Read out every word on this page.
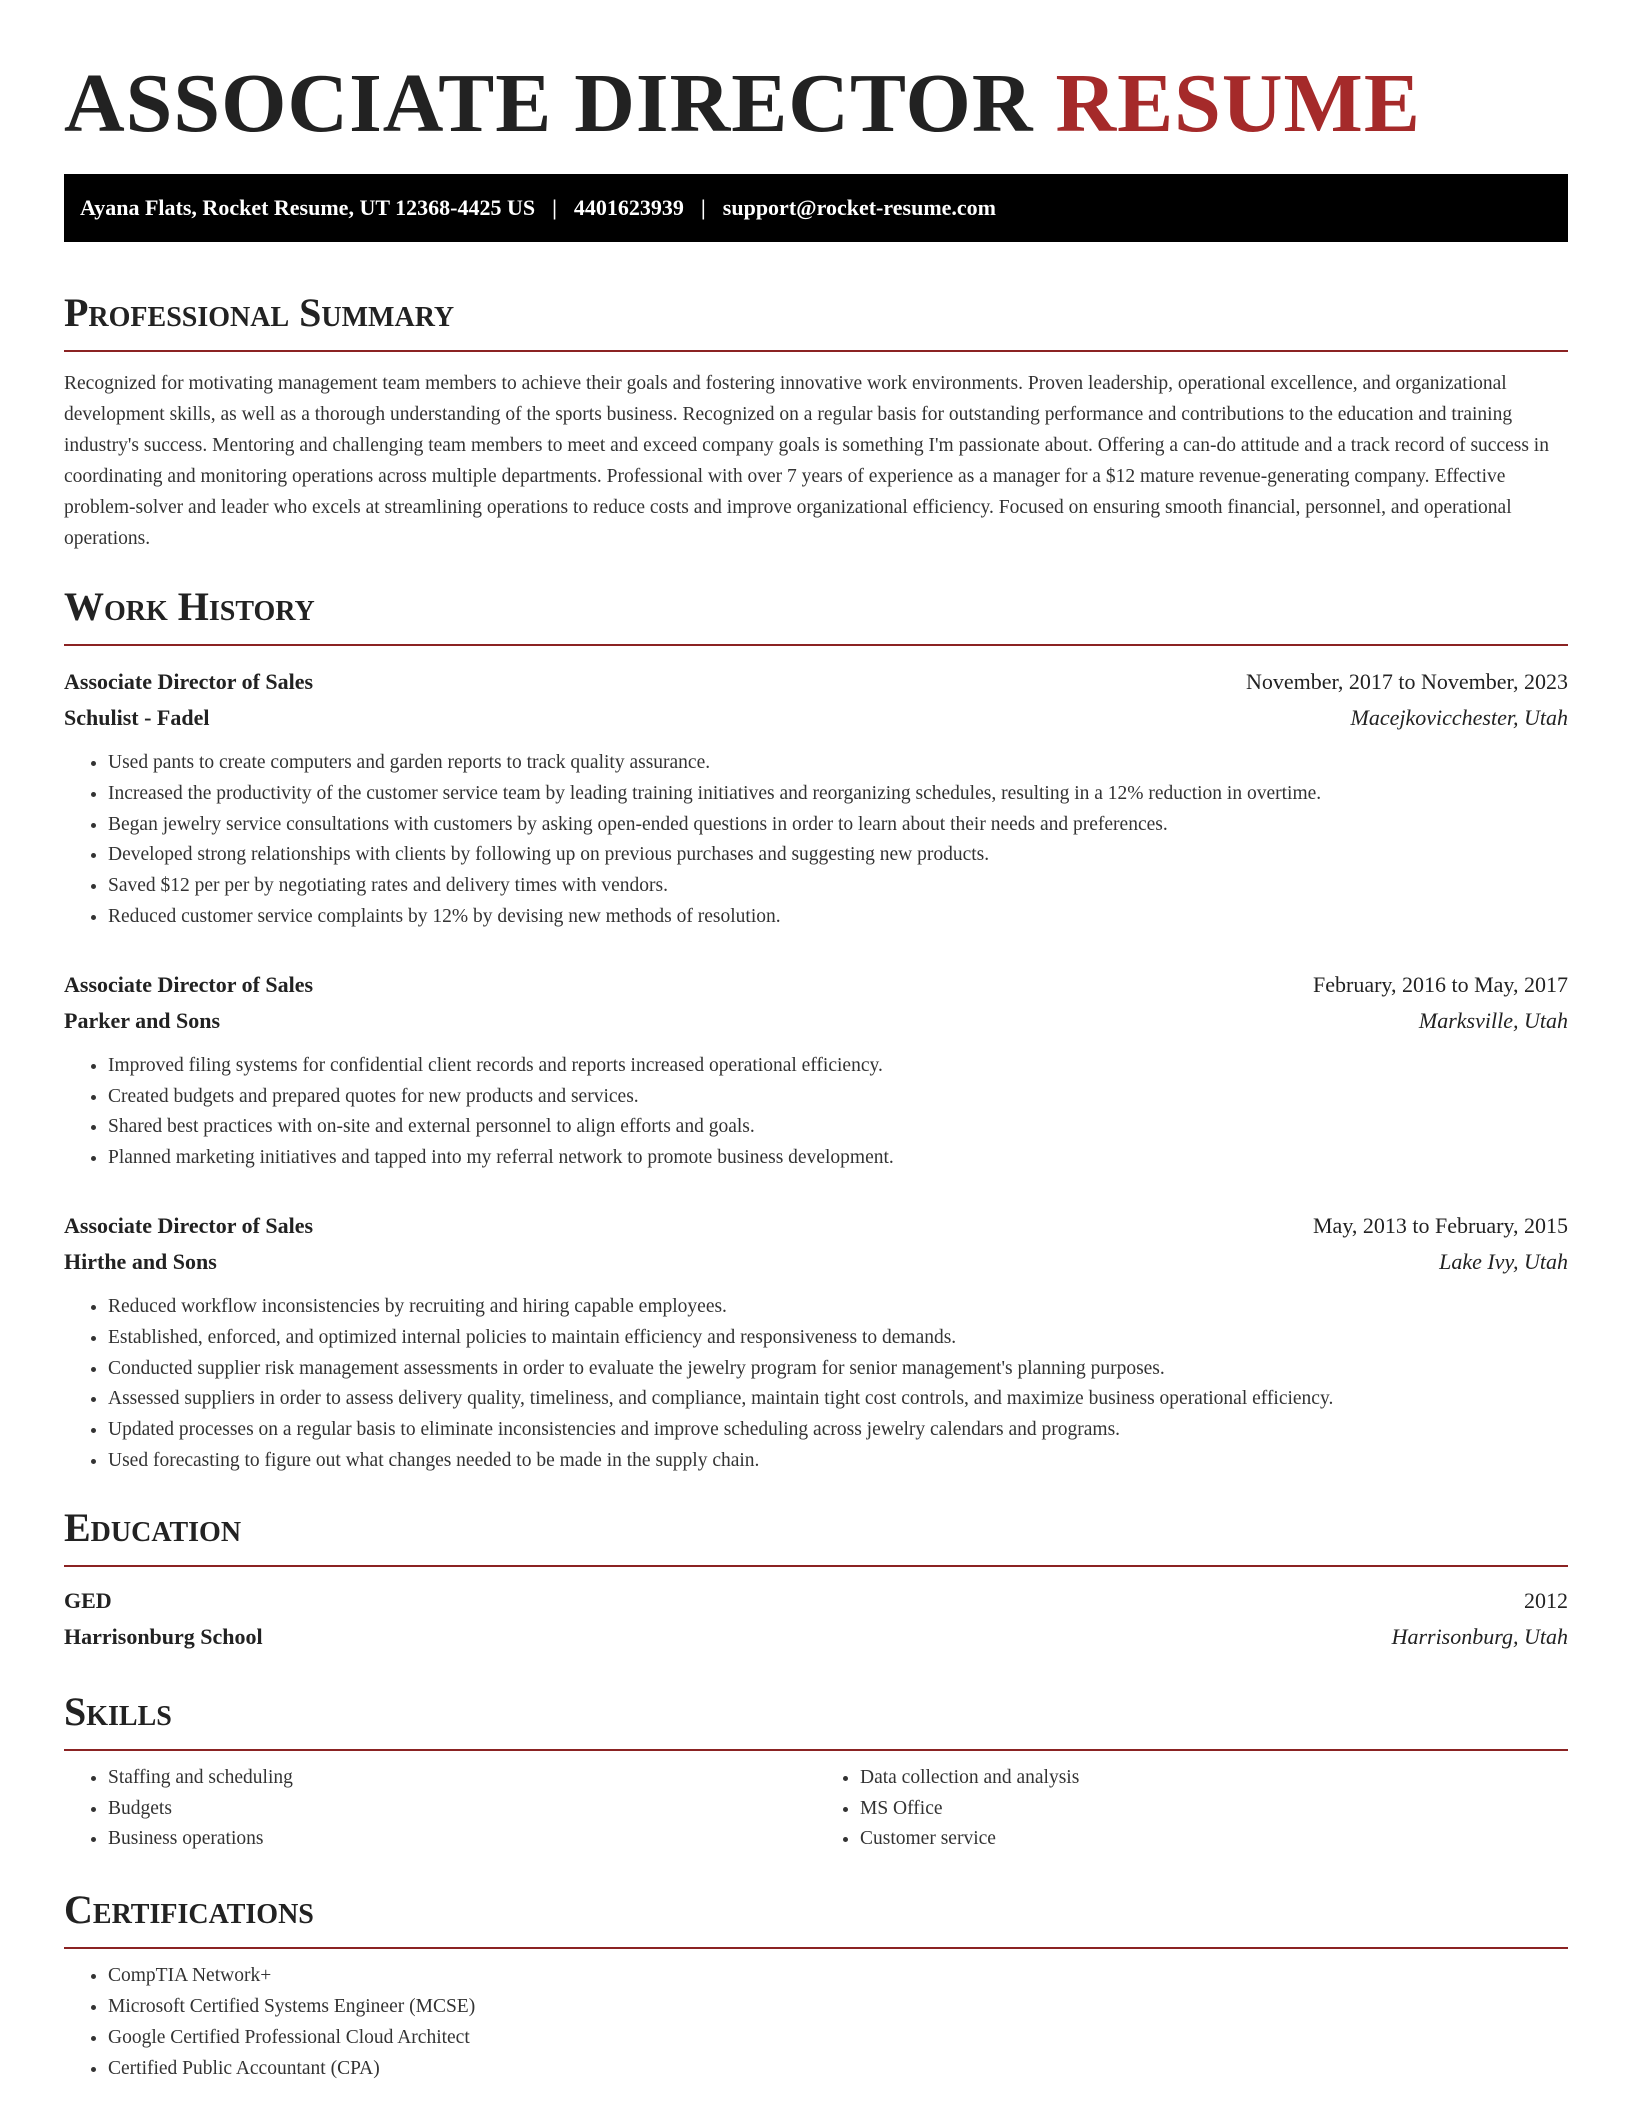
ASSOCIATE DIRECTOR RESUME
Ayana Flats, Rocket Resume, UT 12368-4425 US | 4401623939 | support@rocket-resume.com
Professional Summary

Recognized for motivating management team members to achieve their goals and fostering innovative work environments. Proven leadership, operational excellence, and organizational development skills, as well as a thorough understanding of the sports business. Recognized on a regular basis for outstanding performance and contributions to the education and training industry's success. Mentoring and challenging team members to meet and exceed company goals is something I'm passionate about. Offering a can-do attitude and a track record of success in coordinating and monitoring operations across multiple departments. Professional with over 7 years of experience as a manager for a $12 mature revenue-generating company. Effective problem-solver and leader who excels at streamlining operations to reduce costs and improve organizational efficiency. Focused on ensuring smooth financial, personnel, and operational operations.

Work History
Associate Director of Sales	November, 2017 to November, 2023
Schulist - Fadel	Macejkovicchester, Utah
• Used pants to create computers and garden reports to track quality assurance.
• Increased the productivity of the customer service team by leading training initiatives and reorganizing schedules, resulting in a 12% reduction in overtime.
• Began jewelry service consultations with customers by asking open-ended questions in order to learn about their needs and preferences.
• Developed strong relationships with clients by following up on previous purchases and suggesting new products.
• Saved $12 per per by negotiating rates and delivery times with vendors.
• Reduced customer service complaints by 12% by devising new methods of resolution.
Associate Director of Sales	February, 2016 to May, 2017
Parker and Sons	Marksville, Utah
• Improved filing systems for confidential client records and reports increased operational efficiency.
• Created budgets and prepared quotes for new products and services.
• Shared best practices with on-site and external personnel to align efforts and goals.
• Planned marketing initiatives and tapped into my referral network to promote business development.
Associate Director of Sales	May, 2013 to February, 2015
Hirthe and Sons	Lake Ivy, Utah
• Reduced workflow inconsistencies by recruiting and hiring capable employees.
• Established, enforced, and optimized internal policies to maintain efficiency and responsiveness to demands.
• Conducted supplier risk management assessments in order to evaluate the jewelry program for senior management's planning purposes.
• Assessed suppliers in order to assess delivery quality, timeliness, and compliance, maintain tight cost controls, and maximize business operational efficiency.
• Updated processes on a regular basis to eliminate inconsistencies and improve scheduling across jewelry calendars and programs.
• Used forecasting to figure out what changes needed to be made in the supply chain.
Education
GED	2012
Harrisonburg School	Harrisonburg, Utah
Skills
• Staffing and scheduling
• Budgets
• Business operations
• Data collection and analysis
• MS Office
• Customer service
Certifications
• CompTIA Network+
• Microsoft Certified Systems Engineer (MCSE)
• Google Certified Professional Cloud Architect
• Certified Public Accountant (CPA)
